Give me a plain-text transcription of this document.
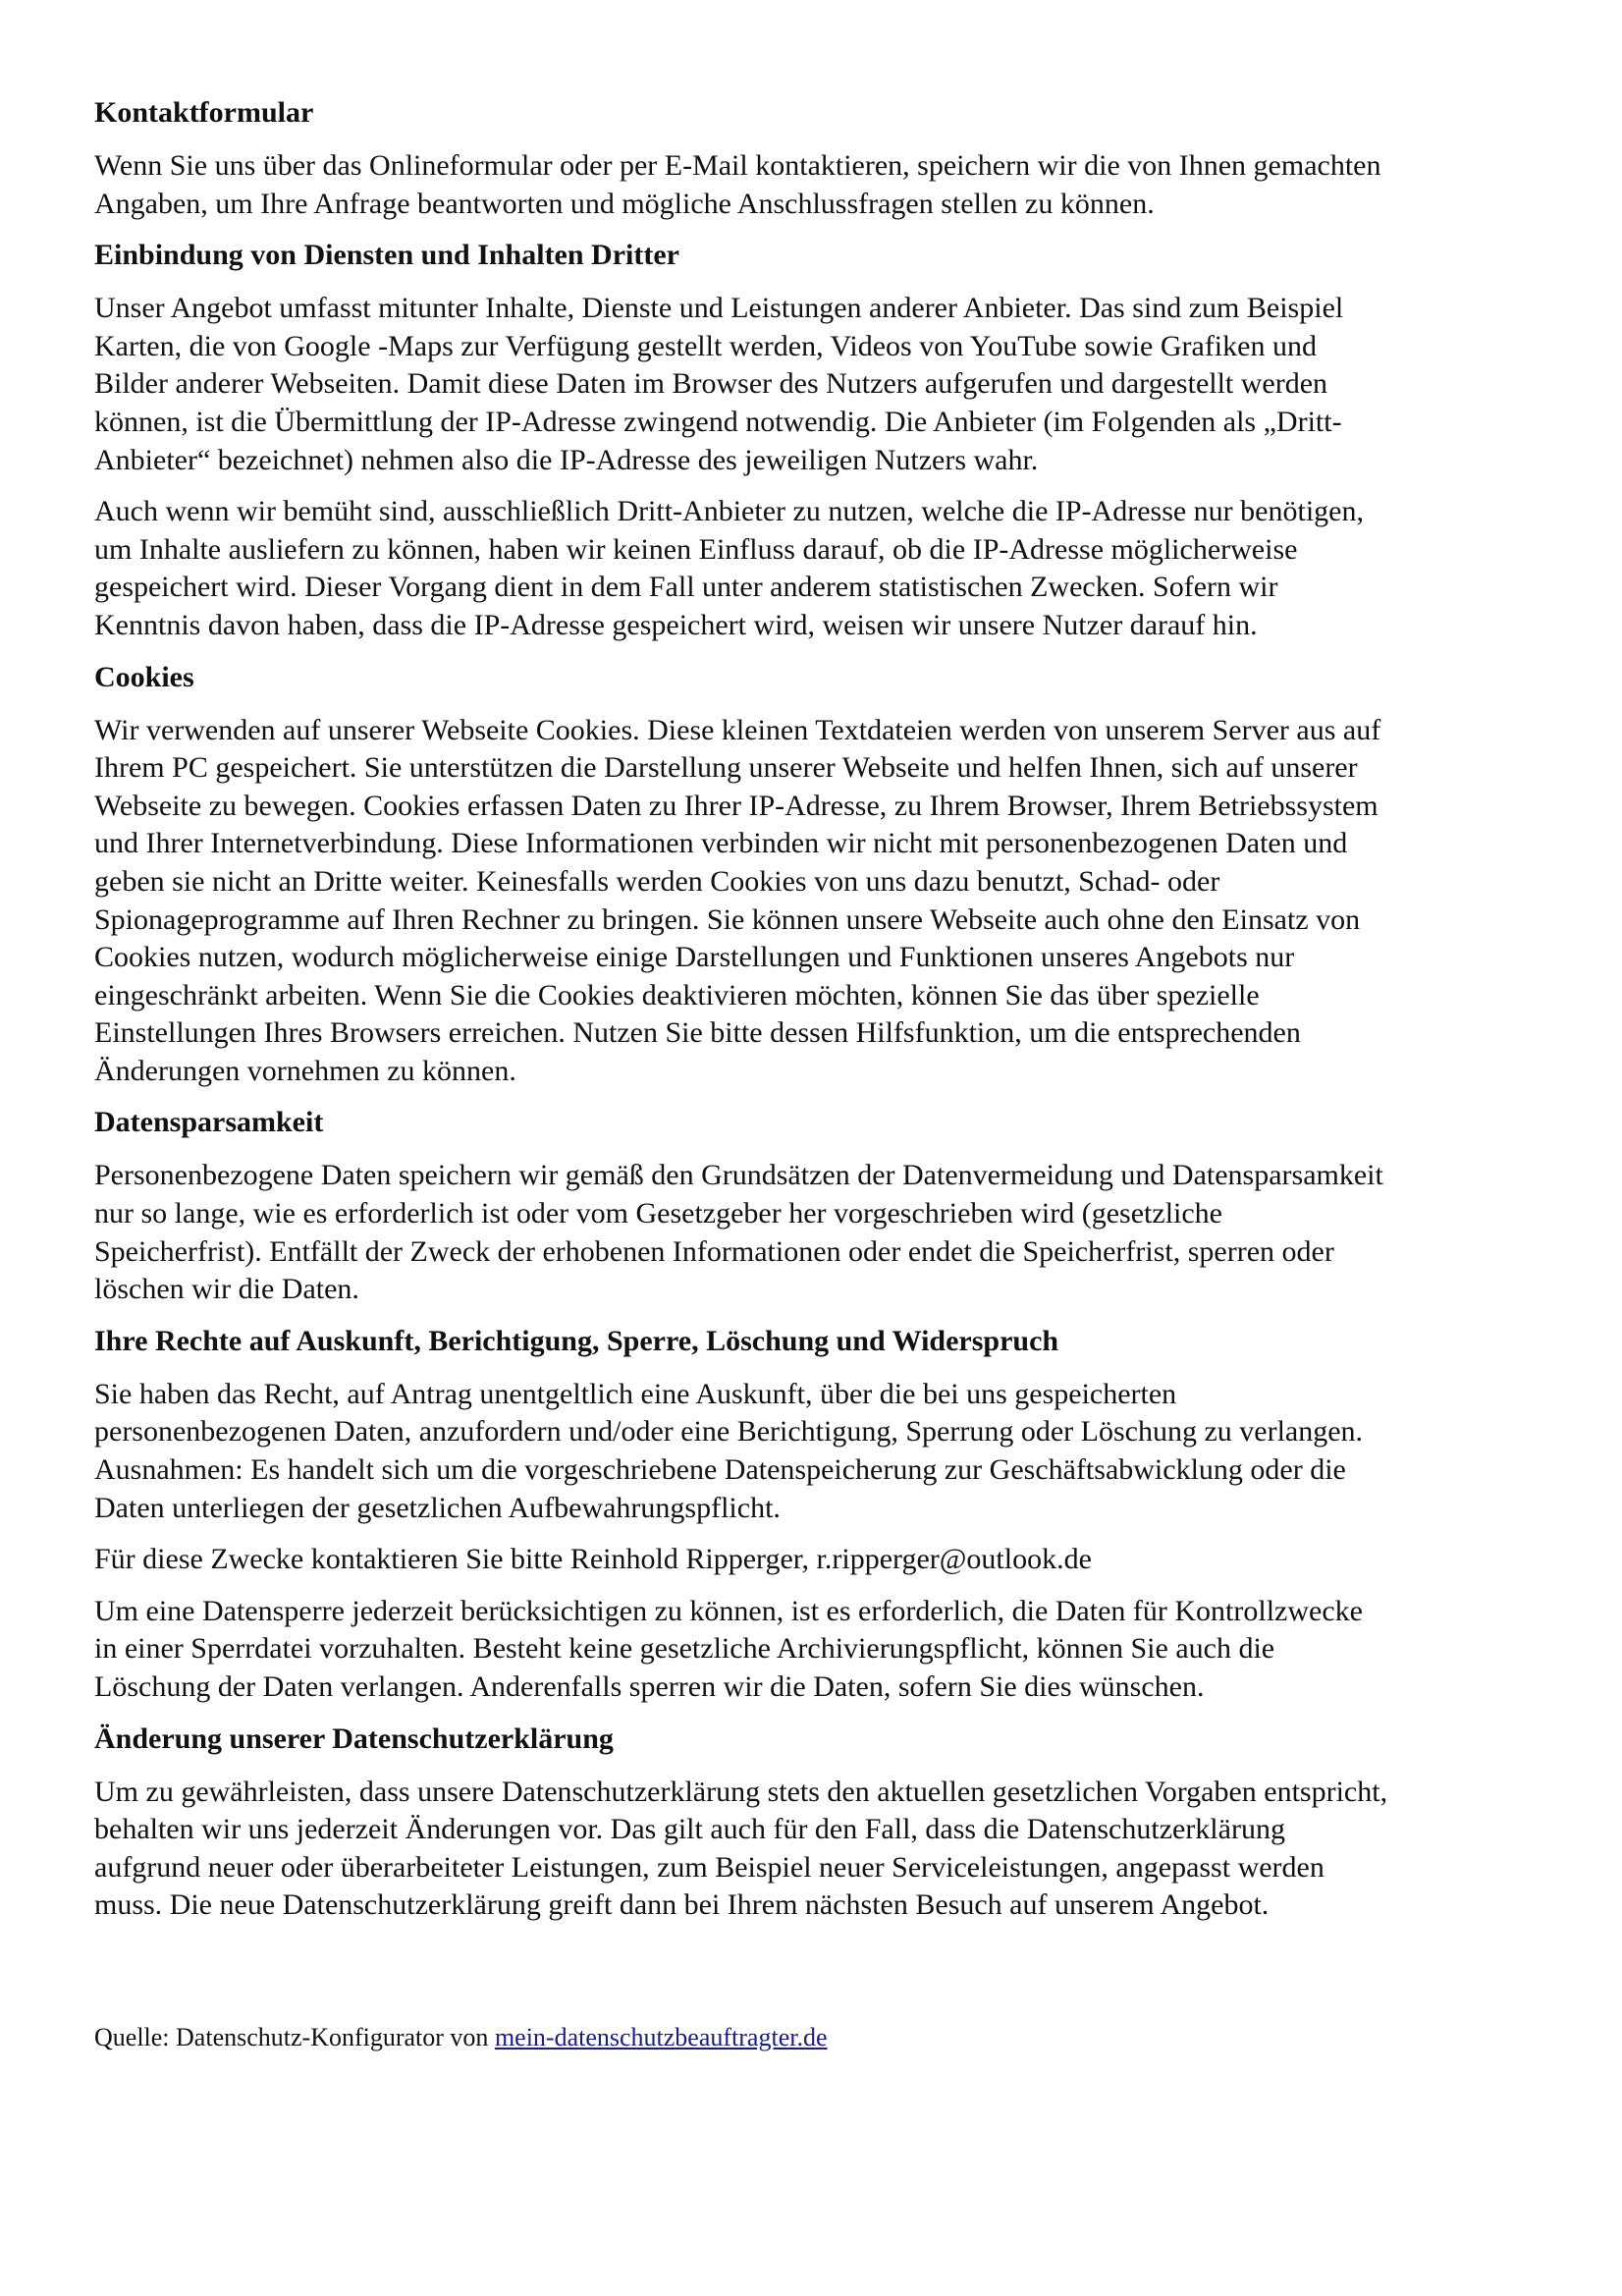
Kontaktformular
Wenn Sie uns über das Onlineformular oder per E-Mail kontaktieren, speichern wir die von Ihnen gemachten
Angaben, um Ihre Anfrage beantworten und mögliche Anschlussfragen stellen zu können.
Einbindung von Diensten und Inhalten Dritter
Unser Angebot umfasst mitunter Inhalte, Dienste und Leistungen anderer Anbieter. Das sind zum Beispiel
Karten, die von Google -Maps zur Verfügung gestellt werden, Videos von YouTube sowie Grafiken und
Bilder anderer Webseiten. Damit diese Daten im Browser des Nutzers aufgerufen und dargestellt werden
können, ist die Übermittlung der IP-Adresse zwingend notwendig. Die Anbieter (im Folgenden als „Dritt-
Anbieter“ bezeichnet) nehmen also die IP-Adresse des jeweiligen Nutzers wahr.
Auch wenn wir bemüht sind, ausschließlich Dritt-Anbieter zu nutzen, welche die IP-Adresse nur benötigen,
um Inhalte ausliefern zu können, haben wir keinen Einfluss darauf, ob die IP-Adresse möglicherweise
gespeichert wird. Dieser Vorgang dient in dem Fall unter anderem statistischen Zwecken. Sofern wir
Kenntnis davon haben, dass die IP-Adresse gespeichert wird, weisen wir unsere Nutzer darauf hin.
Cookies
Wir verwenden auf unserer Webseite Cookies. Diese kleinen Textdateien werden von unserem Server aus auf
Ihrem PC gespeichert. Sie unterstützen die Darstellung unserer Webseite und helfen Ihnen, sich auf unserer
Webseite zu bewegen. Cookies erfassen Daten zu Ihrer IP-Adresse, zu Ihrem Browser, Ihrem Betriebssystem
und Ihrer Internetverbindung. Diese Informationen verbinden wir nicht mit personenbezogenen Daten und
geben sie nicht an Dritte weiter. Keinesfalls werden Cookies von uns dazu benutzt, Schad- oder
Spionageprogramme auf Ihren Rechner zu bringen. Sie können unsere Webseite auch ohne den Einsatz von
Cookies nutzen, wodurch möglicherweise einige Darstellungen und Funktionen unseres Angebots nur
eingeschränkt arbeiten. Wenn Sie die Cookies deaktivieren möchten, können Sie das über spezielle
Einstellungen Ihres Browsers erreichen. Nutzen Sie bitte dessen Hilfsfunktion, um die entsprechenden
Änderungen vornehmen zu können.
Datensparsamkeit
Personenbezogene Daten speichern wir gemäß den Grundsätzen der Datenvermeidung und Datensparsamkeit
nur so lange, wie es erforderlich ist oder vom Gesetzgeber her vorgeschrieben wird (gesetzliche
Speicherfrist). Entfällt der Zweck der erhobenen Informationen oder endet die Speicherfrist, sperren oder
löschen wir die Daten.
Ihre Rechte auf Auskunft, Berichtigung, Sperre, Löschung und Widerspruch
Sie haben das Recht, auf Antrag unentgeltlich eine Auskunft, über die bei uns gespeicherten
personenbezogenen Daten, anzufordern und/oder eine Berichtigung, Sperrung oder Löschung zu verlangen.
Ausnahmen: Es handelt sich um die vorgeschriebene Datenspeicherung zur Geschäftsabwicklung oder die
Daten unterliegen der gesetzlichen Aufbewahrungspflicht.
Für diese Zwecke kontaktieren Sie bitte Reinhold Ripperger, r.ripperger@outlook.de
Um eine Datensperre jederzeit berücksichtigen zu können, ist es erforderlich, die Daten für Kontrollzwecke
in einer Sperrdatei vorzuhalten. Besteht keine gesetzliche Archivierungspflicht, können Sie auch die
Löschung der Daten verlangen. Anderenfalls sperren wir die Daten, sofern Sie dies wünschen.
Änderung unserer Datenschutzerklärung
Um zu gewährleisten, dass unsere Datenschutzerklärung stets den aktuellen gesetzlichen Vorgaben entspricht,
behalten wir uns jederzeit Änderungen vor. Das gilt auch für den Fall, dass die Datenschutzerklärung
aufgrund neuer oder überarbeiteter Leistungen, zum Beispiel neuer Serviceleistungen, angepasst werden
muss. Die neue Datenschutzerklärung greift dann bei Ihrem nächsten Besuch auf unserem Angebot.
Quelle: Datenschutz-Konfigurator von mein-datenschutzbeauftragter.de
